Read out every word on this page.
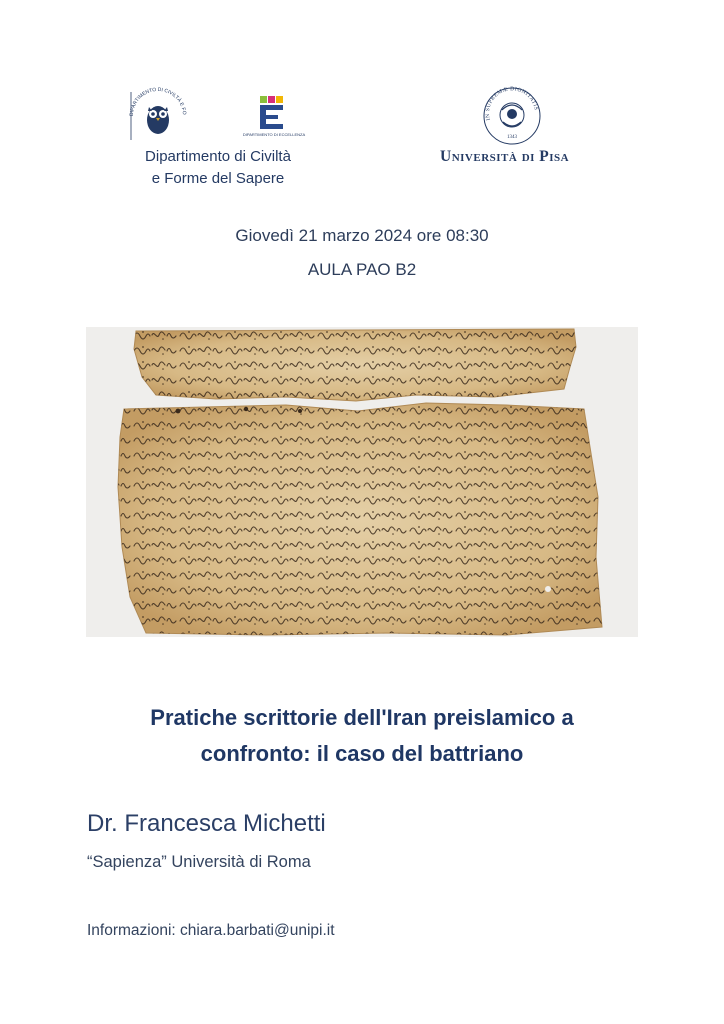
DIPARTIMENTO DI CIVILTÀ E FO
DIPARTIMENTO DI ECCELLENZA
Dipartimento di Civiltà
e Forme del Sapere
IN SUPREMÆ DIGNITATIS
1343
Università di Pisa
Giovedì 21 marzo 2024 ore 08:30
AULA PAO B2
Pratiche scrittorie dell'Iran preislamico a
confronto: il caso del battriano
Dr. Francesca Michetti
“Sapienza” Università di Roma
Informazioni: chiara.barbati@unipi.it
